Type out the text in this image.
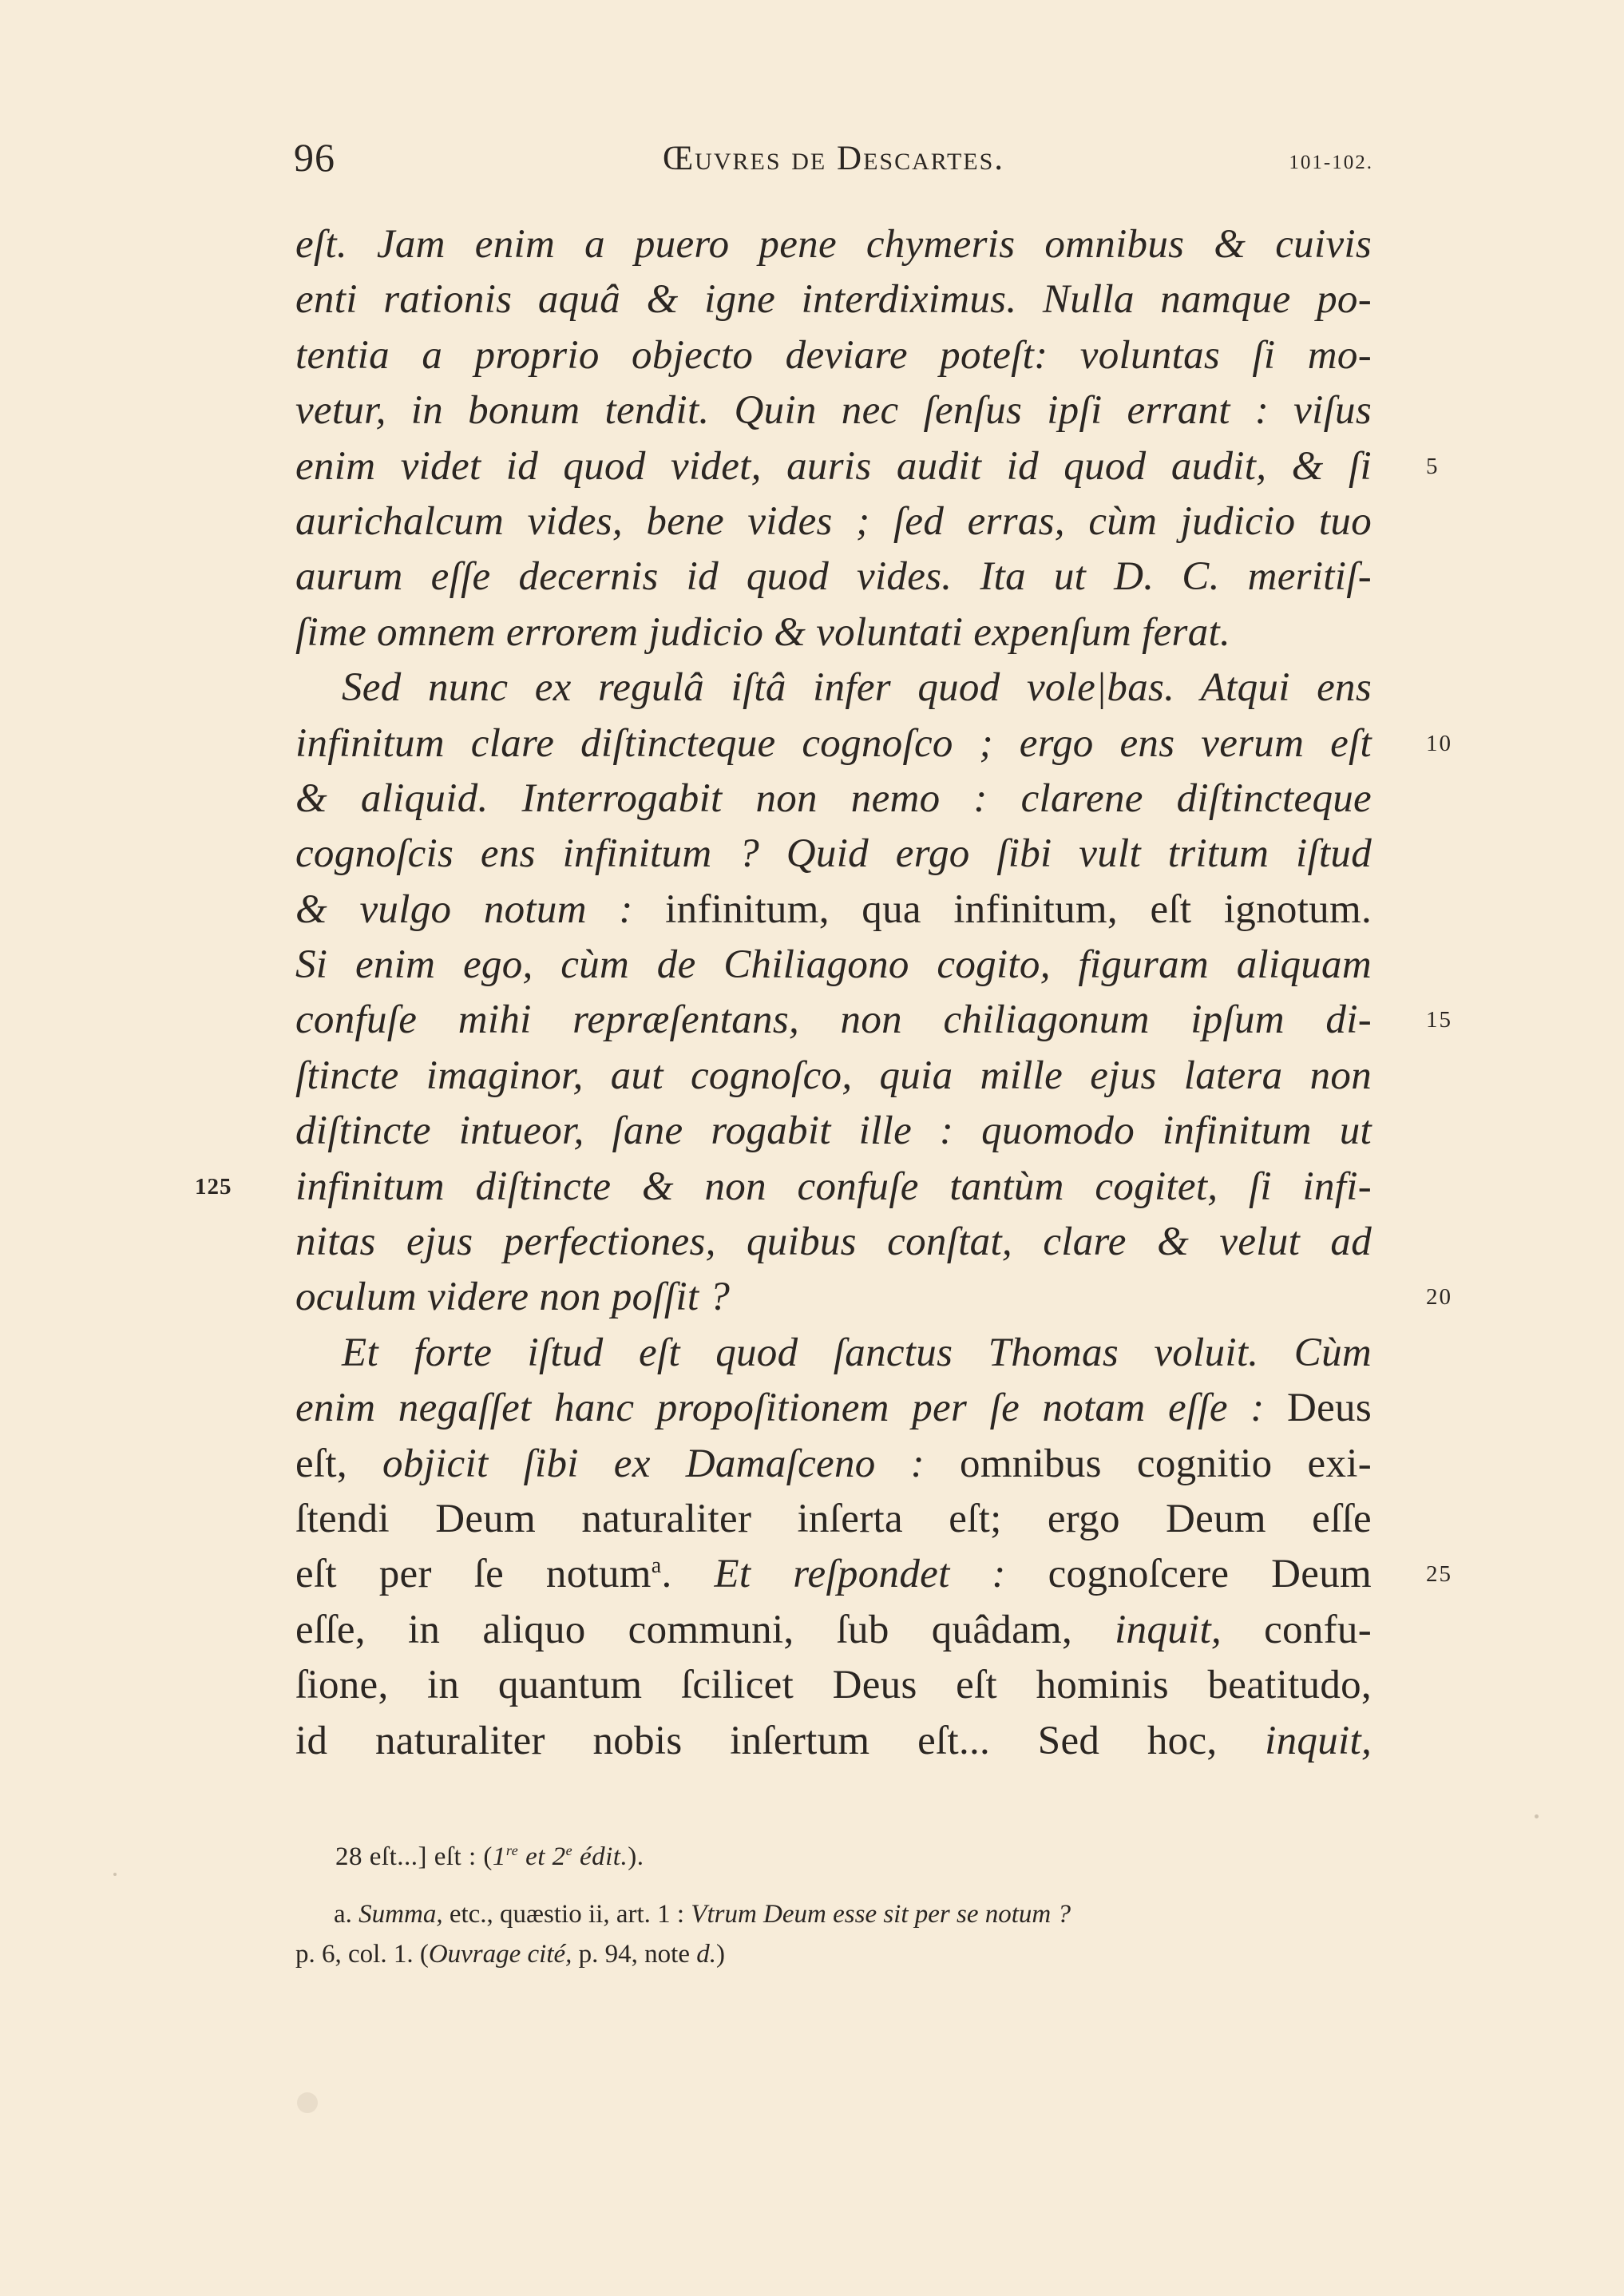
96	Œuvres de Descartes.	101-102.
eſt. Jam enim a puero pene chymeris omnibus & cuivis
enti rationis aquâ & igne interdiximus. Nulla namque po-
tentia a proprio objecto deviare poteſt: voluntas ſi mo-
vetur, in bonum tendit. Quin nec ſenſus ipſi errant : viſus
enim videt id quod videt, auris audit id quod audit, & ſi 5
aurichalcum vides, bene vides ; ſed erras, cùm judicio tuo
aurum eſſe decernis id quod vides. Ita ut D. C. meritiſ-
ſime omnem errorem judicio & voluntati expenſum ferat.
Sed nunc ex regulâ iſtâ infer quod vole|bas. Atqui ens
infinitum clare diſtincteque cognoſco ; ergo ens verum eſt 10
& aliquid. Interrogabit non nemo : clarene diſtincteque
cognoſcis ens infinitum ? Quid ergo ſibi vult tritum iſtud
& vulgo notum : infinitum, qua infinitum, eſt ignotum.
Si enim ego, cùm de Chiliagono cogito, figuram aliquam
confuſe mihi repræſentans, non chiliagonum ipſum di- 15
ſtincte imaginor, aut cognoſco, quia mille ejus latera non
diſtincte intueor, ſane rogabit ille : quomodo infinitum ut
infinitum diſtincte & non confuſe tantùm cogitet, ſi infi-
125
nitas ejus perfectiones, quibus conſtat, clare & velut ad
oculum videre non poſſit ?	20
Et forte iſtud eſt quod ſanctus Thomas voluit. Cùm
enim negaſſet hanc propoſitionem per ſe notam eſſe : Deus
eſt, objicit ſibi ex Damaſceno : omnibus cognitio exi-
ſtendi Deum naturaliter inſerta eſt; ergo Deum eſſe
eſt per ſe notum$^a$. Et reſpondet : cognoſcere Deum 25
eſſe, in aliquo communi, ſub quâdam, inquit, confu-
ſione, in quantum ſcilicet Deus eſt hominis beatitudo,
id naturaliter nobis inſertum eſt... Sed hoc, inquit,
28 eſt...] eſt : (1re et 2e édit.).
a. Summa, etc., quæstio ii, art. 1 : Vtrum Deum esse sit per se notum ?
p. 6, col. 1. (Ouvrage cité, p. 94, note d.)
